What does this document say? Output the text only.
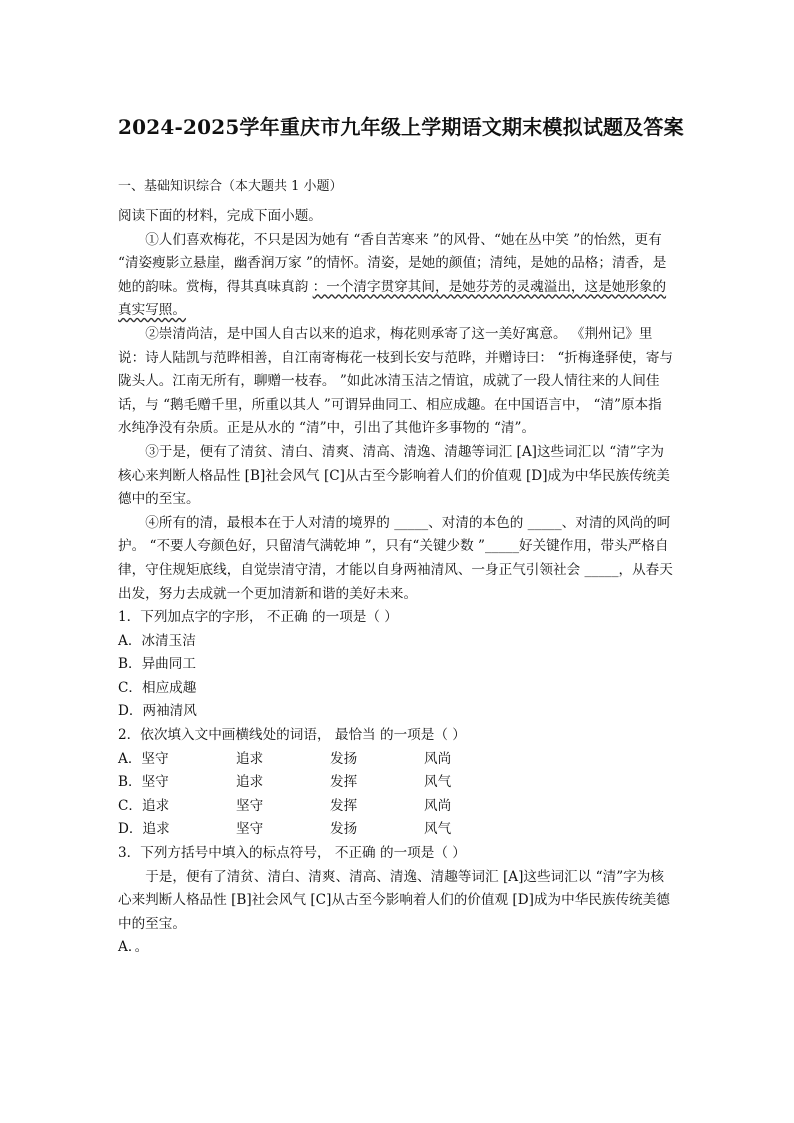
2024-2025学年重庆市九年级上学期语文期末模拟试题及答案
一、基础知识综合（本大题共 1 小题）

阅读下面的材料，完成下面小题。

①人们喜欢梅花，不只是因为她有 “香自苦寒来 ”的风骨、“她在丛中笑 ”的怡然，更有 “清姿瘦影立悬崖，幽香润万家 ”的情怀。清姿，是她的颜值；清纯，是她的品格；清香，是她的韵味。赏梅，得其真味真韵 ：一个清字贯穿其间，是她芬芳的灵魂溢出，这是她形象的真实写照。

②崇清尚洁，是中国人自古以来的追求，梅花则承寄了这一美好寓意。 《荆州记》里说：诗人陆凯与范晔相善，自江南寄梅花一枝到长安与范晔，并赠诗曰： “折梅逢驿使，寄与陇头人。江南无所有，聊赠一枝春。 ”如此冰清玉洁之情谊，成就了一段人情往来的人间佳话，与 “鹅毛赠千里，所重以其人 ”可谓异曲同工、相应成趣。在中国语言中， “清”原本指水纯净没有杂质。正是从水的 “清”中，引出了其他许多事物的 “清”。

③于是，便有了清贫、清白、清爽、清高、清逸、清趣等词汇 [A]这些词汇以 “清”字为核心来判断人格品性 [B]社会风气 [C]从古至今影响着人们的价值观 [D]成为中华民族传统美德中的至宝。

④所有的清，最根本在于人对清的境界的 _____、对清的本色的 _____、对清的风尚的呵护。 “不要人夸颜色好，只留清气满乾坤 ”，只有“关键少数 ”_____好关键作用，带头严格自律，守住规矩底线，自觉崇清守清，才能以自身两袖清风、一身正气引领社会 _____，从春天出发，努力去成就一个更加清新和谐的美好未来。

1．下列加点字的字形， 不正确 的一项是（ ）

A．冰清玉洁

B．异曲同工

C．相应成趣

D．两袖清风

2．依次填入文中画横线处的词语， 最恰当 的一项是（ ）

A．坚守	追求	发扬	风尚
B．坚守	追求	发挥	风气
C．追求	坚守	发挥	风尚
D．追求	坚守	发扬	风气

3．下列方括号中填入的标点符号， 不正确 的一项是（ ）

于是，便有了清贫、清白、清爽、清高、清逸、清趣等词汇 [A]这些词汇以 “清”字为核心来判断人格品性 [B]社会风气 [C]从古至今影响着人们的价值观 [D]成为中华民族传统美德中的至宝。

A．。
